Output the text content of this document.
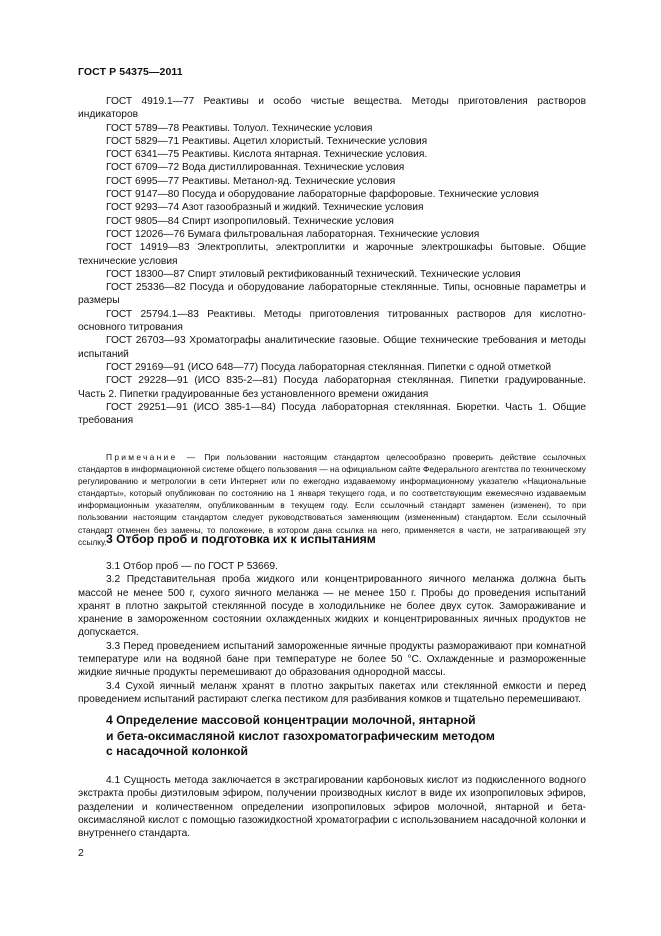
ГОСТ Р 54375—2011

ГОСТ 4919.1—77 Реактивы и особо чистые вещества. Методы приготовления растворов индикаторов

ГОСТ 5789—78 Реактивы. Толуол. Технические условия

ГОСТ 5829—71 Реактивы. Ацетил хлористый. Технические условия

ГОСТ 6341—75 Реактивы. Кислота янтарная. Технические условия.

ГОСТ 6709—72 Вода дистиллированная. Технические условия

ГОСТ 6995—77 Реактивы. Метанол-яд. Технические условия

ГОСТ 9147—80 Посуда и оборудование лабораторные фарфоровые. Технические условия

ГОСТ 9293—74 Азот газообразный и жидкий. Технические условия

ГОСТ 9805—84 Спирт изопропиловый. Технические условия

ГОСТ 12026—76 Бумага фильтровальная лабораторная. Технические условия

ГОСТ 14919—83 Электроплиты, электроплитки и жарочные электрошкафы бытовые. Общие технические условия

ГОСТ 18300—87 Спирт этиловый ректификованный технический. Технические условия

ГОСТ 25336—82 Посуда и оборудование лабораторные стеклянные. Типы, основные параметры и размеры

ГОСТ 25794.1—83 Реактивы. Методы приготовления титрованных растворов для кислотно-основного титрования

ГОСТ 26703—93 Хроматографы аналитические газовые. Общие технические требования и методы испытаний

ГОСТ 29169—91 (ИСО 648—77) Посуда лабораторная стеклянная. Пипетки с одной отметкой

ГОСТ 29228—91 (ИСО 835-2—81) Посуда лабораторная стеклянная. Пипетки градуированные. Часть 2. Пипетки градуированные без установленного времени ожидания

ГОСТ 29251—91 (ИСО 385-1—84) Посуда лабораторная стеклянная. Бюретки. Часть 1. Общие требования

Примечание — При пользовании настоящим стандартом целесообразно проверить действие ссылочных стандартов в информационной системе общего пользования — на официальном сайте Федерального агентства по техническому регулированию и метрологии в сети Интернет или по ежегодно издаваемому информационному указателю «Национальные стандарты», который опубликован по состоянию на 1 января текущего года, и по соответствующим ежемесячно издаваемым информационным указателям, опубликованным в текущем году. Если ссылочный стандарт заменен (изменен), то при пользовании настоящим стандартом следует руководствоваться заменяющим (измененным) стандартом. Если ссылочный стандарт отменен без замены, то положение, в котором дана ссылка на него, применяется в части, не затрагивающей эту ссылку. 3 Отбор проб и подготовка их к испытаниям

3.1 Отбор проб — по ГОСТ Р 53669.

3.2 Представительная проба жидкого или концентрированного яичного меланжа должна быть массой не менее 500 г, сухого яичного меланжа — не менее 150 г. Пробы до проведения испытаний хранят в плотно закрытой стеклянной посуде в холодильнике не более двух суток. Замораживание и хранение в замороженном состоянии охлажденных жидких и концентрированных яичных продуктов не допускается.

3.3 Перед проведением испытаний замороженные яичные продукты размораживают при комнатной температуре или на водяной бане при температуре не более 50 °С. Охлажденные и размороженные жидкие яичные продукты перемешивают до образования однородной массы.

3.4 Сухой яичный меланж хранят в плотно закрытых пакетах или стеклянной емкости и перед проведением испытаний растирают слегка пестиком для разбивания комков и тщательно перемешивают.

4 Определение массовой концентрации молочной, янтарной
и бета-оксимасляной кислот газохроматографическим методом
с насадочной колонкой

4.1 Сущность метода заключается в экстрагировании карбоновых кислот из подкисленного водного экстракта пробы диэтиловым эфиром, получении производных кислот в виде их изопропиловых эфиров, разделении и количественном определении изопропиловых эфиров молочной, янтарной и бета-оксимасляной кислот с помощью газожидкостной хроматографии с использованием насадочной колонки и внутреннего стандарта.

2
